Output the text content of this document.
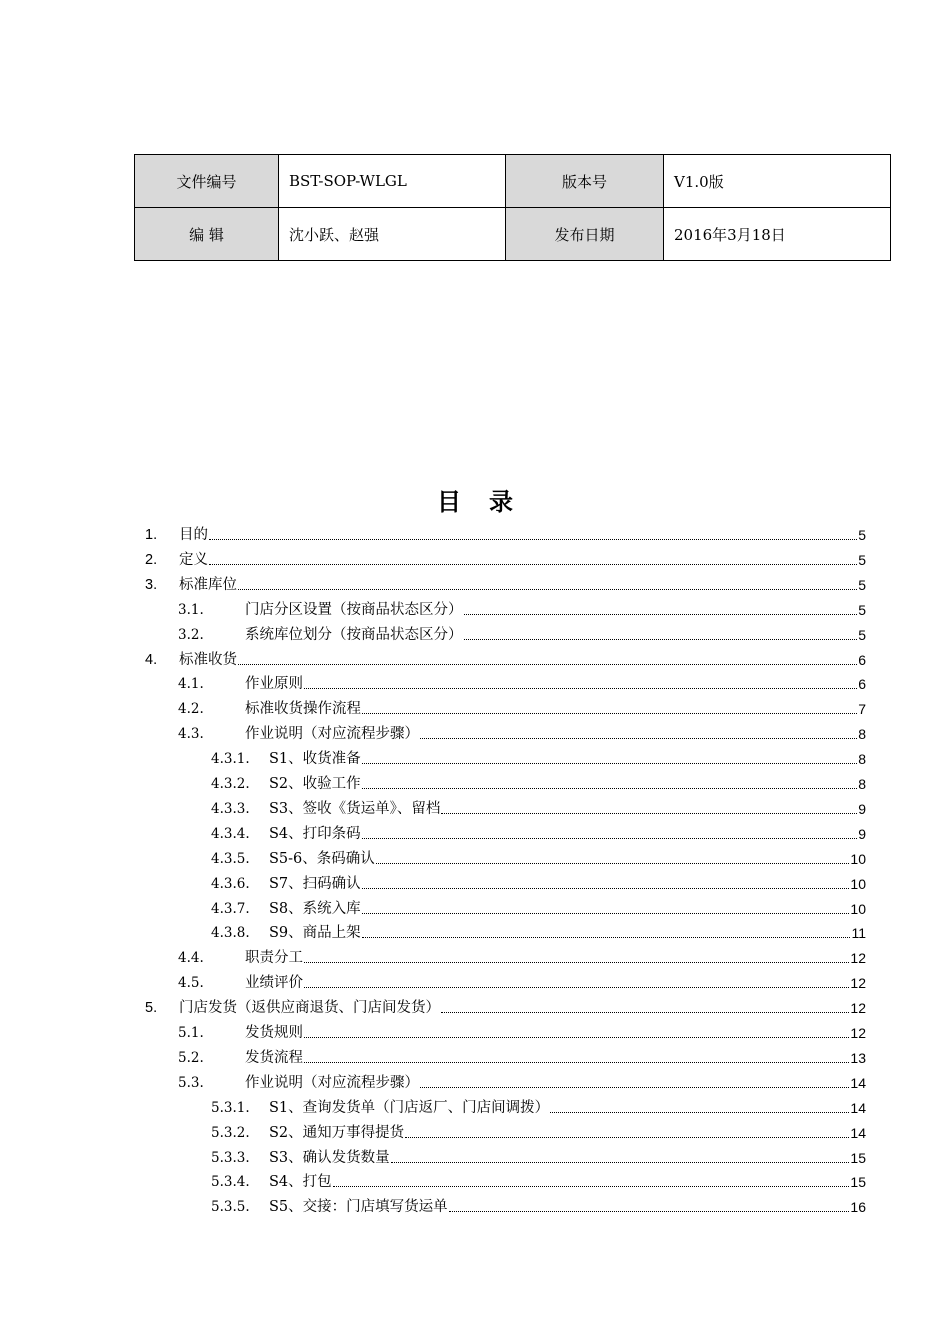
文件编号	BST-SOP-WLGL	版本号	V1.0版
编 辑	沈小跃、赵强	发布日期	2016年3月18日
目录
1.	目的	5
2.	定义	5
3.	标准库位	5
3.1.	门店分区设置（按商品状态区分）	5
3.2.	系统库位划分（按商品状态区分）	5
4.	标准收货	6
4.1.	作业原则	6
4.2.	标准收货操作流程	7
4.3.	作业说明（对应流程步骤）	8
4.3.1.	S1、收货准备	8
4.3.2.	S2、收验工作	8
4.3.3.	S3、签收《货运单》、留档	9
4.3.4.	S4、打印条码	9
4.3.5.	S5-6、条码确认	10
4.3.6.	S7、扫码确认	10
4.3.7.	S8、系统入库	10
4.3.8.	S9、商品上架	11
4.4.	职责分工	12
4.5.	业绩评价	12
5.	门店发货（返供应商退货、门店间发货）	12
5.1.	发货规则	12
5.2.	发货流程	13
5.3.	作业说明（对应流程步骤）	14
5.3.1.	S1、查询发货单（门店返厂、门店间调拨）	14
5.3.2.	S2、通知万事得提货	14
5.3.3.	S3、确认发货数量	15
5.3.4.	S4、打包	15
5.3.5.	S5、交接：门店填写货运单	16
